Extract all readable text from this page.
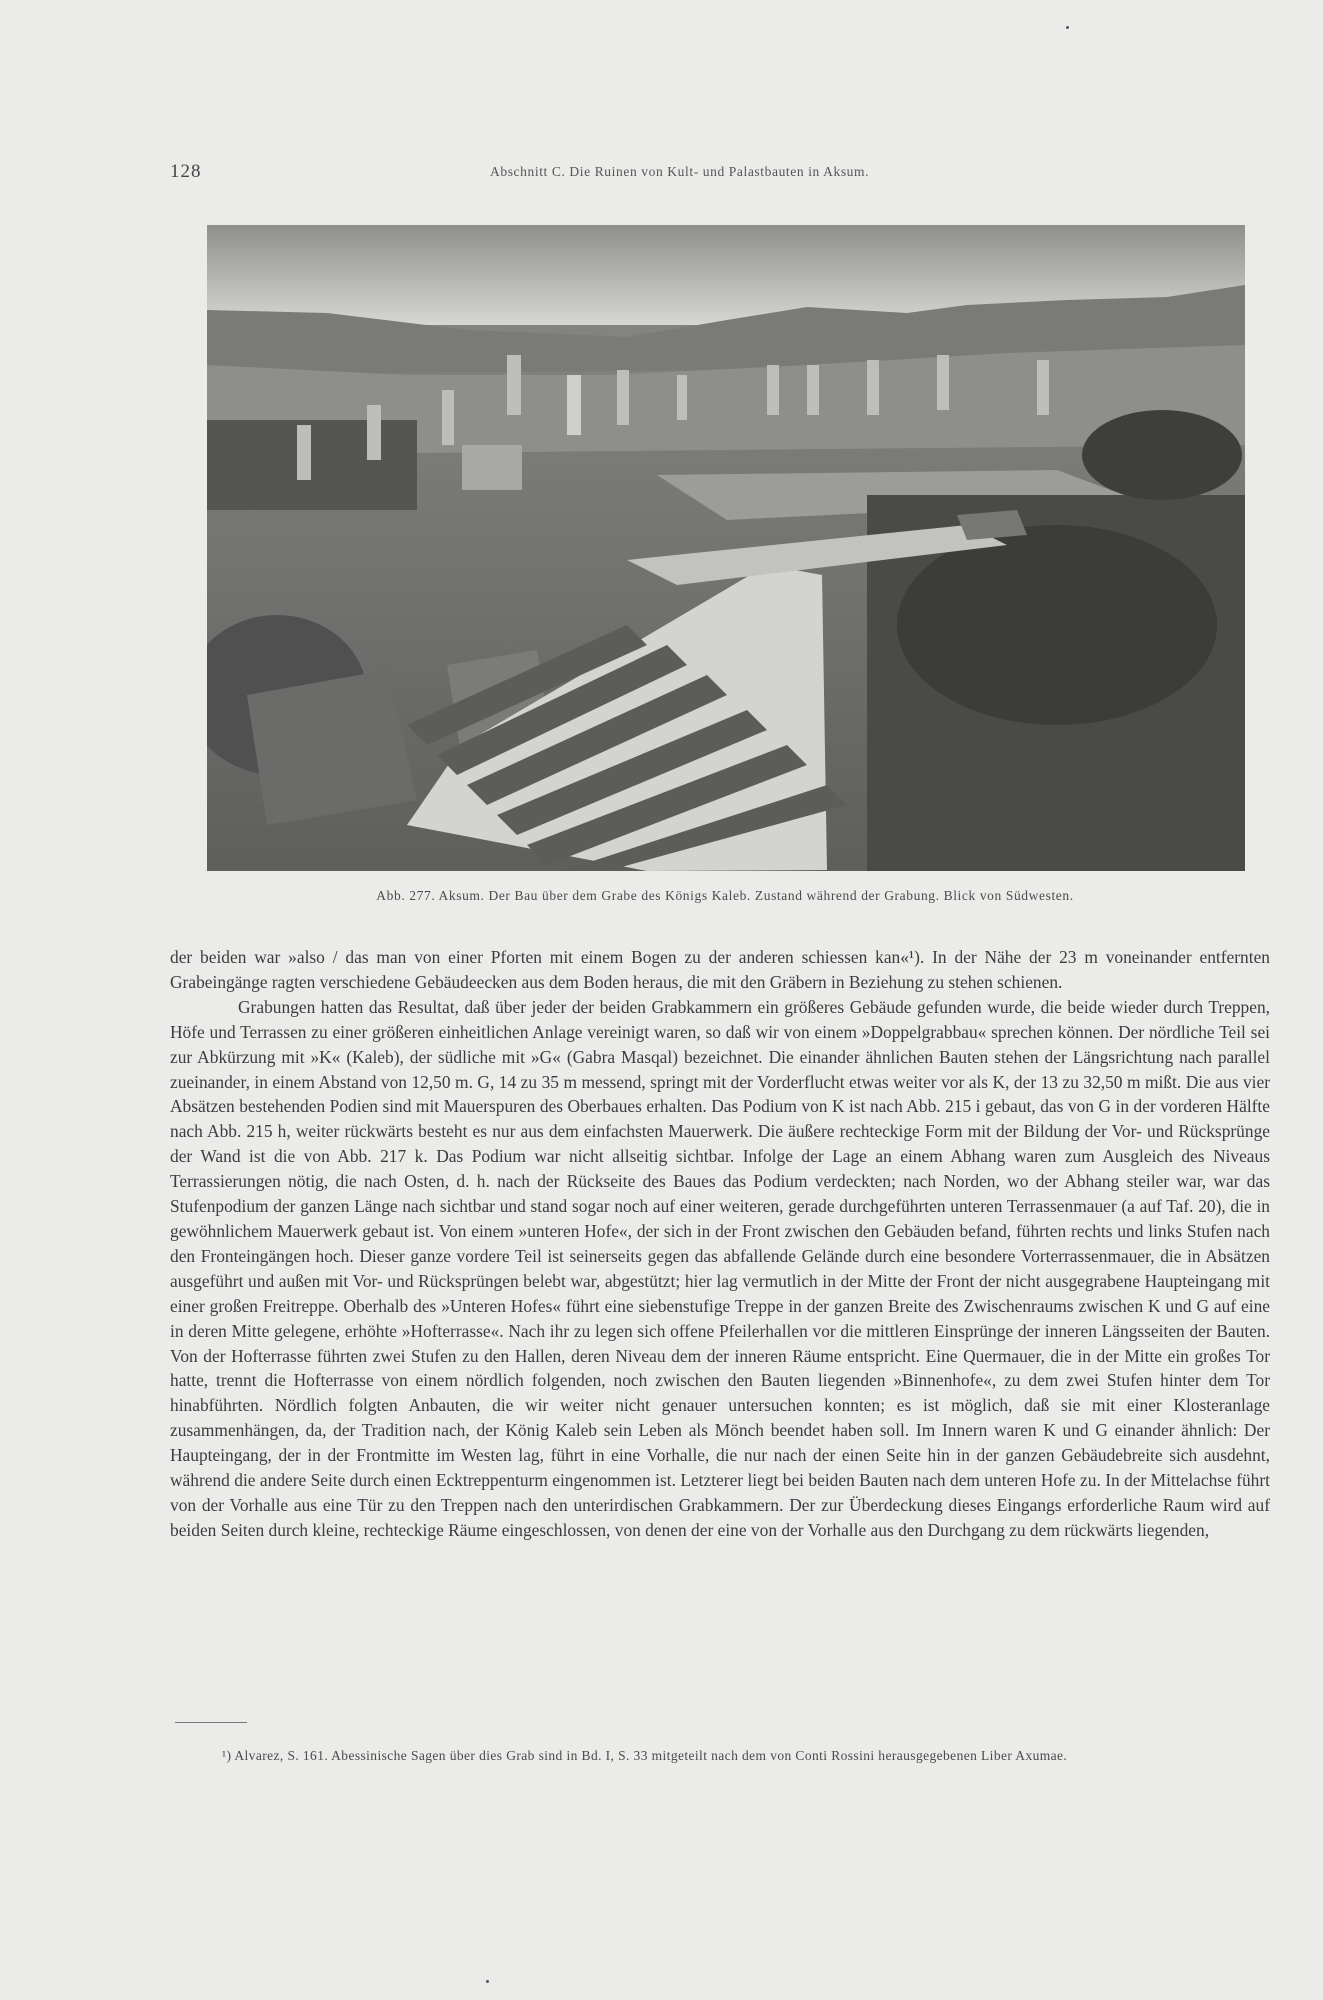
128	Abschnitt C. Die Ruinen von Kult- und Palastbauten in Aksum.
Abb. 277. Aksum. Der Bau über dem Grabe des Königs Kaleb. Zustand während der Grabung. Blick von Südwesten.

der beiden war »also / das man von einer Pforten mit einem Bogen zu der anderen schiessen kan«¹). In der Nähe der 23 m voneinander entfernten Grabeingänge ragten verschiedene Gebäudeecken aus dem Boden heraus, die mit den Gräbern in Beziehung zu stehen schienen.

Grabungen hatten das Resultat, daß über jeder der beiden Grabkammern ein größeres Gebäude gefunden wurde, die beide wieder durch Treppen, Höfe und Terrassen zu einer größeren einheitlichen Anlage vereinigt waren, so daß wir von einem »Doppelgrabbau« sprechen können. Der nördliche Teil sei zur Abkürzung mit »K« (Kaleb), der südliche mit »G« (Gabra Masqal) bezeichnet. Die einander ähnlichen Bauten stehen der Längsrichtung nach parallel zueinander, in einem Abstand von 12,50 m. G, 14 zu 35 m messend, springt mit der Vorderflucht etwas weiter vor als K, der 13 zu 32,50 m mißt. Die aus vier Absätzen bestehenden Podien sind mit Mauerspuren des Oberbaues erhalten. Das Podium von K ist nach Abb. 215 i gebaut, das von G in der vorderen Hälfte nach Abb. 215 h, weiter rückwärts besteht es nur aus dem einfachsten Mauerwerk. Die äußere rechteckige Form mit der Bildung der Vor- und Rücksprünge der Wand ist die von Abb. 217 k. Das Podium war nicht allseitig sichtbar. Infolge der Lage an einem Abhang waren zum Ausgleich des Niveaus Terrassierungen nötig, die nach Osten, d. h. nach der Rückseite des Baues das Podium verdeckten; nach Norden, wo der Abhang steiler war, war das Stufenpodium der ganzen Länge nach sichtbar und stand sogar noch auf einer weiteren, gerade durchgeführten unteren Terrassenmauer (a auf Taf. 20), die in gewöhnlichem Mauerwerk gebaut ist. Von einem »unteren Hofe«, der sich in der Front zwischen den Gebäuden befand, führten rechts und links Stufen nach den Fronteingängen hoch. Dieser ganze vordere Teil ist seinerseits gegen das abfallende Gelände durch eine besondere Vorterrassenmauer, die in Absätzen ausgeführt und außen mit Vor- und Rücksprüngen belebt war, abgestützt; hier lag vermutlich in der Mitte der Front der nicht ausgegrabene Haupteingang mit einer großen Freitreppe. Oberhalb des »Unteren Hofes« führt eine siebenstufige Treppe in der ganzen Breite des Zwischenraums zwischen K und G auf eine in deren Mitte gelegene, erhöhte »Hofterrasse«. Nach ihr zu legen sich offene Pfeilerhallen vor die mittleren Einsprünge der inneren Längsseiten der Bauten. Von der Hofterrasse führten zwei Stufen zu den Hallen, deren Niveau dem der inneren Räume entspricht. Eine Quermauer, die in der Mitte ein großes Tor hatte, trennt die Hofterrasse von einem nördlich folgenden, noch zwischen den Bauten liegenden »Binnenhofe«, zu dem zwei Stufen hinter dem Tor hinabführten. Nördlich folgten Anbauten, die wir weiter nicht genauer untersuchen konnten; es ist möglich, daß sie mit einer Klosteranlage zusammenhängen, da, der Tradition nach, der König Kaleb sein Leben als Mönch beendet haben soll. Im Innern waren K und G einander ähnlich: Der Haupteingang, der in der Frontmitte im Westen lag, führt in eine Vorhalle, die nur nach der einen Seite hin in der ganzen Gebäudebreite sich ausdehnt, während die andere Seite durch einen Ecktreppenturm eingenommen ist. Letzterer liegt bei beiden Bauten nach dem unteren Hofe zu. In der Mittelachse führt von der Vorhalle aus eine Tür zu den Treppen nach den unterirdischen Grabkammern. Der zur Überdeckung dieses Eingangs erforderliche Raum wird auf beiden Seiten durch kleine, rechteckige Räume eingeschlossen, von denen der eine von der Vorhalle aus den Durchgang zu dem rückwärts liegenden,

¹) Alvarez, S. 161. Abessinische Sagen über dies Grab sind in Bd. I, S. 33 mitgeteilt nach dem von Conti Rossini herausgegebenen Liber Axumae.
